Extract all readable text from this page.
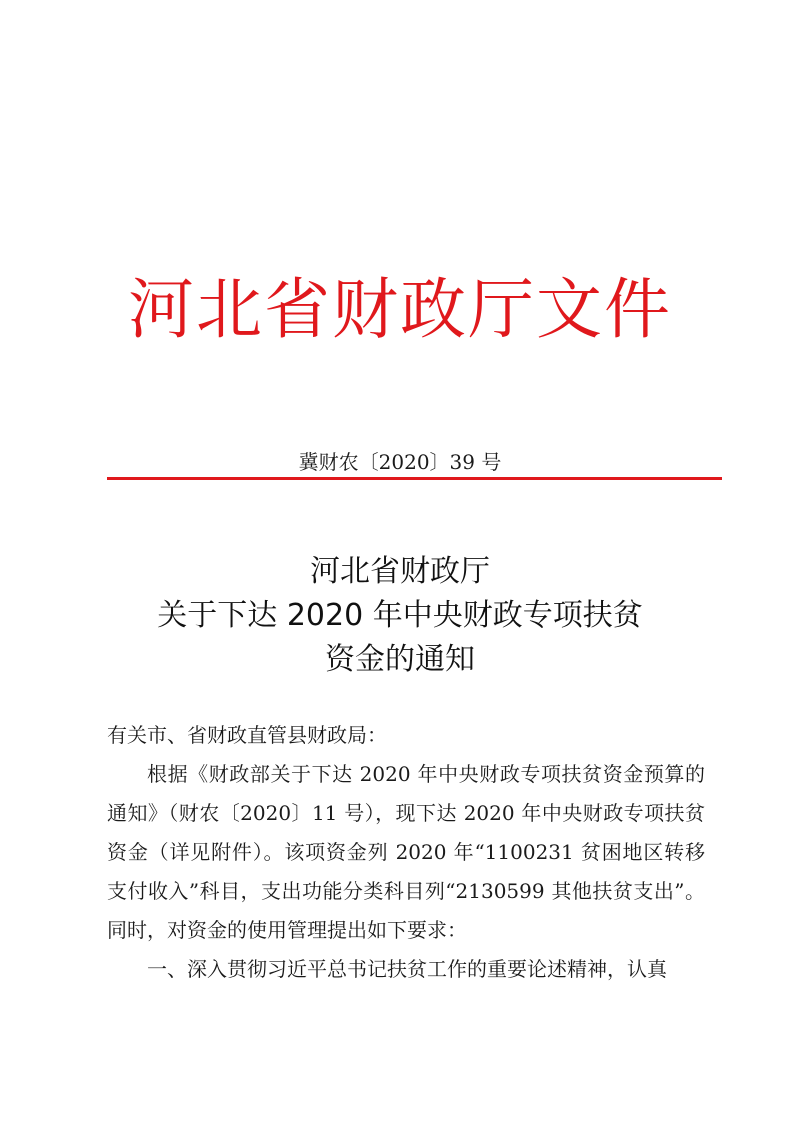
河北省财政厅文件
冀财农〔2020〕39 号
河北省财政厅
关于下达 2020 年中央财政专项扶贫
资金的通知

有关市、省财政直管县财政局：

根据《财政部关于下达 2020 年中央财政专项扶贫资金预算的通知》（财农〔2020〕11 号），现下达 2020 年中央财政专项扶贫资金（详见附件）。该项资金列 2020 年“1100231 贫困地区转移支付收入”科目，支出功能分类科目列“2130599 其他扶贫支出”。同时，对资金的使用管理提出如下要求：

一、深入贯彻习近平总书记扶贫工作的重要论述精神，认真
